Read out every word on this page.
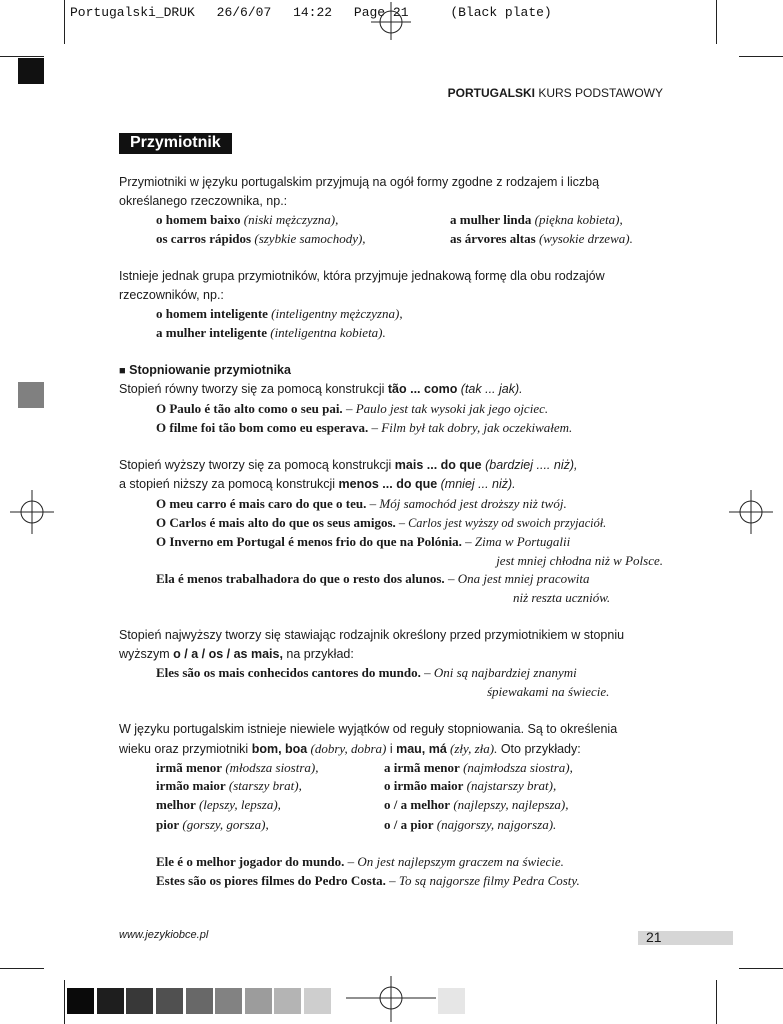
Portugalski_DRUK 26/6/07 14:22 Page 21	(Black plate)
PORTUGALSKI KURS PODSTAWOWY
Przymiotnik
Przymiotniki w języku portugalskim przyjmują na ogół formy zgodne z rodzajem i liczbą
określanego rzeczownika, np.:
o homem baixo (niski mężczyzna),	a mulher linda (piękna kobieta),
os carros rápidos (szybkie samochody),	as árvores altas (wysokie drzewa).
Istnieje jednak grupa przymiotników, która przyjmuje jednakową formę dla obu rodzajów
rzeczowników, np.:
o homem inteligente (inteligentny mężczyzna),
a mulher inteligente (inteligentna kobieta).
■ Stopniowanie przymiotnika
Stopień równy tworzy się za pomocą konstrukcji tão ... como (tak ... jak).
O Paulo é tão alto como o seu pai. – Paulo jest tak wysoki jak jego ojciec.
O filme foi tão bom como eu esperava. – Film był tak dobry, jak oczekiwałem.
Stopień wyższy tworzy się za pomocą konstrukcji mais ... do que (bardziej .... niż),
a stopień niższy za pomocą konstrukcji menos ... do que (mniej ... niż).
O meu carro é mais caro do que o teu. – Mój samochód jest droższy niż twój.
O Carlos é mais alto do que os seus amigos. – Carlos jest wyższy od swoich przyjaciół.
O Inverno em Portugal é menos frio do que na Polónia. – Zima w Portugalii
jest mniej chłodna niż w Polsce.
Ela é menos trabalhadora do que o resto dos alunos. – Ona jest mniej pracowita
niż reszta uczniów.
Stopień najwyższy tworzy się stawiając rodzajnik określony przed przymiotnikiem w stopniu
wyższym o / a / os / as mais, na przykład:
Eles são os mais conhecidos cantores do mundo. – Oni są najbardziej znanymi
śpiewakami na świecie.
W języku portugalskim istnieje niewiele wyjątków od reguły stopniowania. Są to określenia
wieku oraz przymiotniki bom, boa (dobry, dobra) i mau, má (zły, zła). Oto przykłady:
irmã menor (młodsza siostra),	a irmã menor (najmłodsza siostra),
irmão maior (starszy brat),	o irmão maior (najstarszy brat),
melhor (lepszy, lepsza),	o / a melhor (najlepszy, najlepsza),
pior (gorszy, gorsza),	o / a pior (najgorszy, najgorsza).
Ele é o melhor jogador do mundo. – On jest najlepszym graczem na świecie.
Estes são os piores filmes do Pedro Costa. – To są najgorsze filmy Pedra Costy.
www.jezykiobce.pl	21
